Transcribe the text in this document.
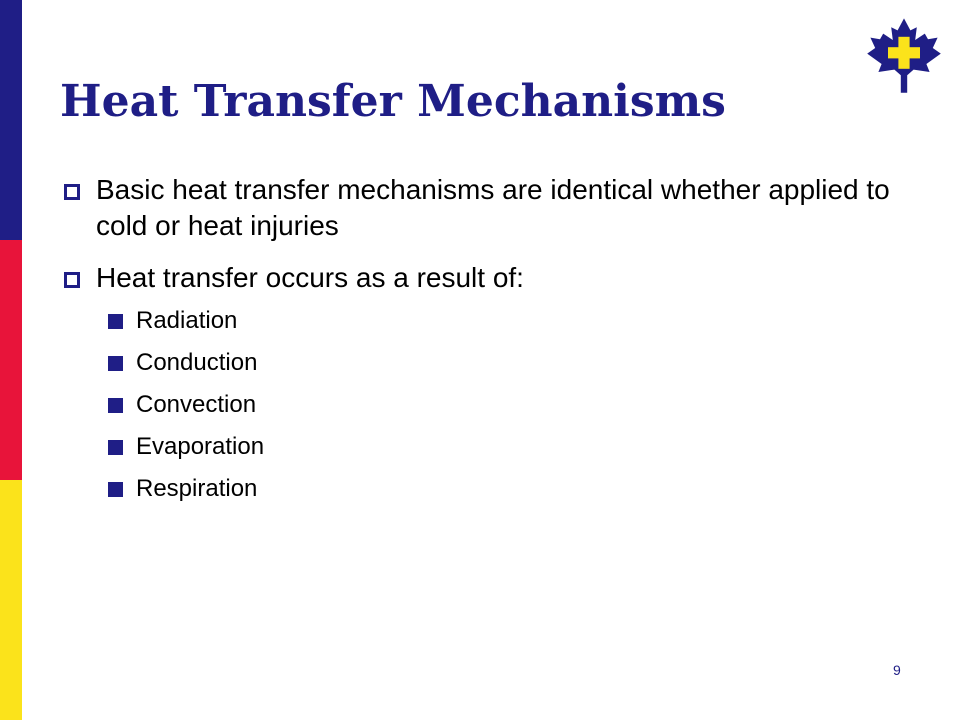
Heat Transfer Mechanisms
Basic heat transfer mechanisms are identical whether applied to cold or heat injuries
Heat transfer occurs as a result of:
Radiation
Conduction
Convection
Evaporation
Respiration
9
